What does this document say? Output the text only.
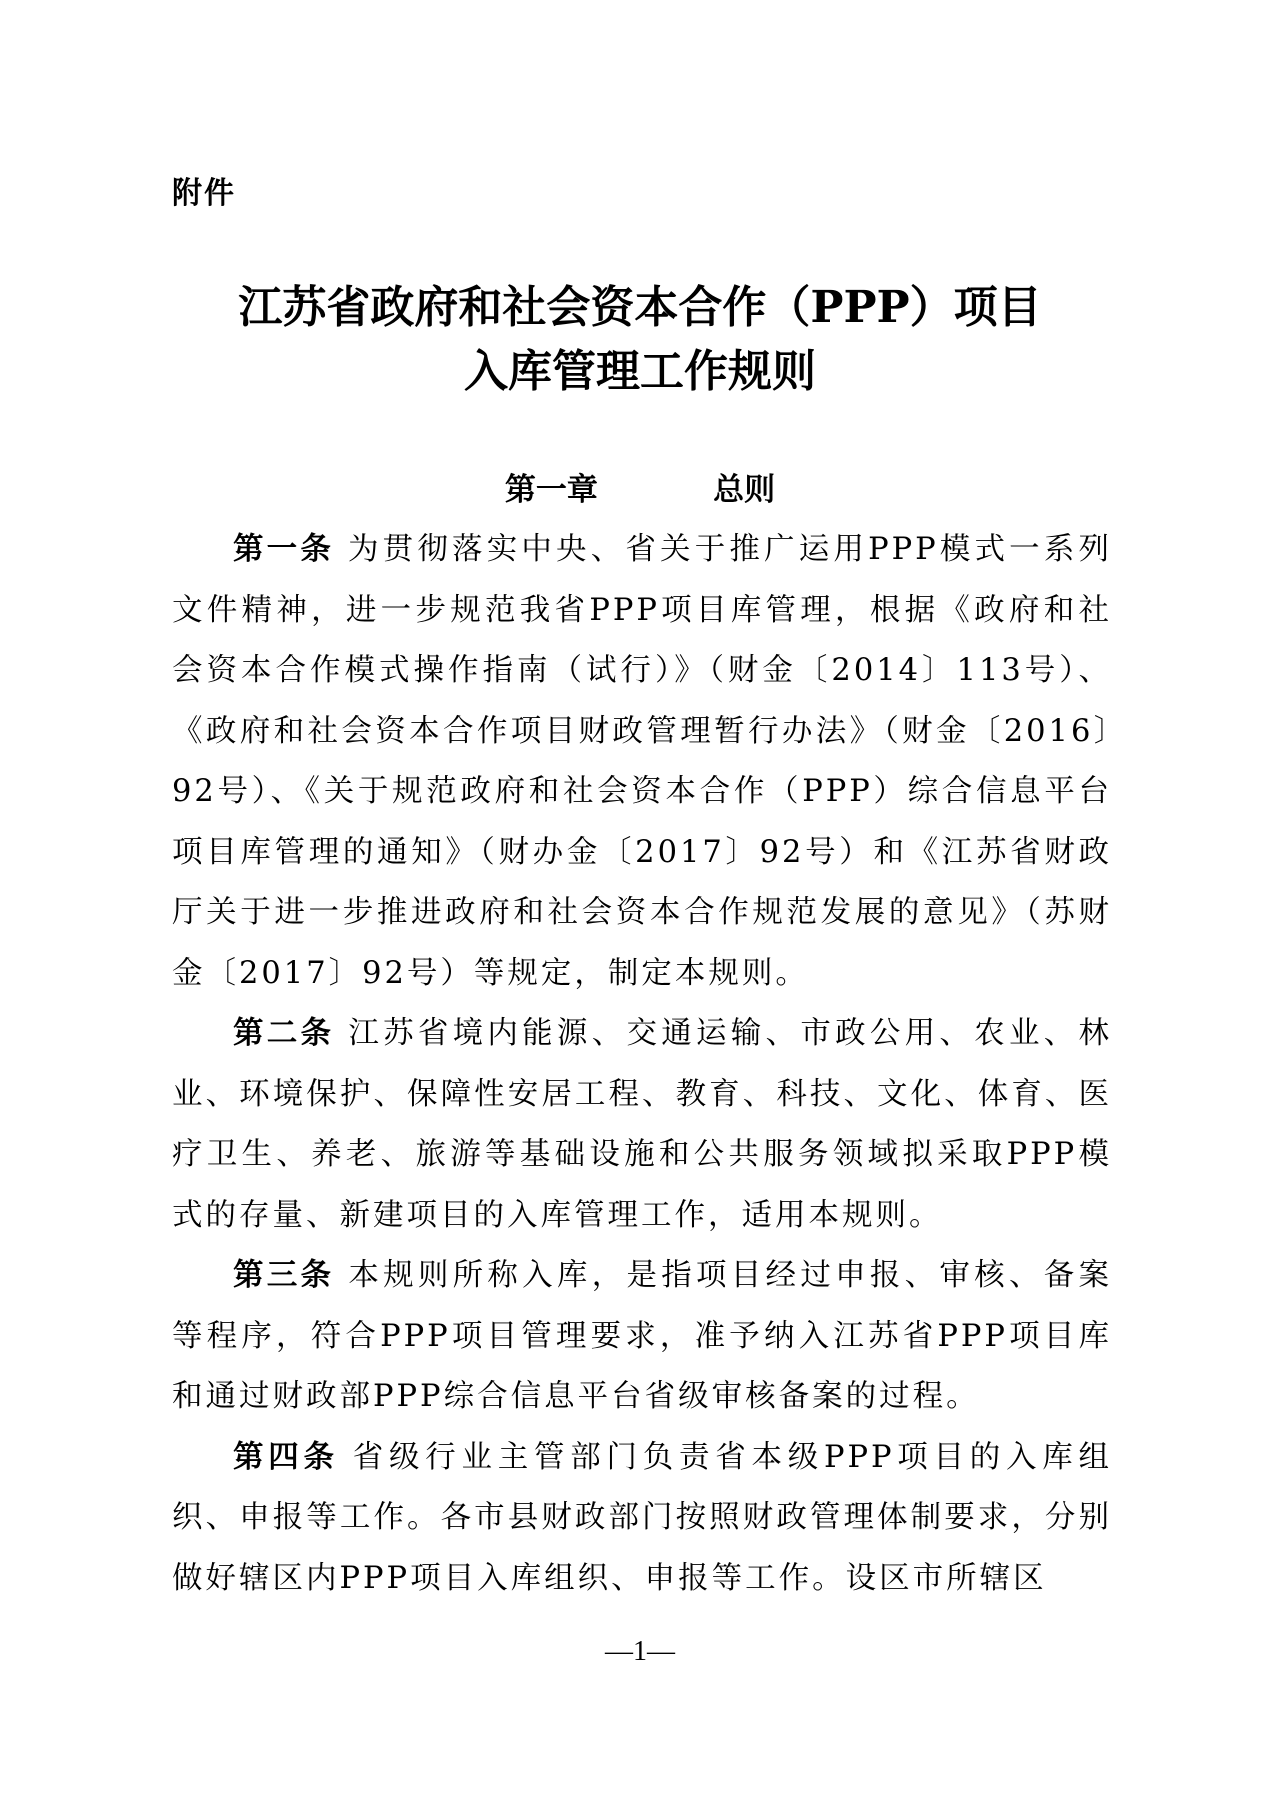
附件
江苏省政府和社会资本合作（PPP）项目
入库管理工作规则
第一章	总则

第一条 为贯彻落实中央、省关于推广运用PPP模式一系列文件精神，进一步规范我省PPP项目库管理，根据《政府和社会资本合作模式操作指南（试行）》（财金〔2014〕113号）、《政府和社会资本合作项目财政管理暂行办法》（财金〔2016〕92号）、《关于规范政府和社会资本合作（PPP）综合信息平台项目库管理的通知》（财办金〔2017〕92号）和《江苏省财政厅关于进一步推进政府和社会资本合作规范发展的意见》（苏财金〔2017〕92号）等规定，制定本规则。

第二条 江苏省境内能源、交通运输、市政公用、农业、林业、环境保护、保障性安居工程、教育、科技、文化、体育、医疗卫生、养老、旅游等基础设施和公共服务领域拟采取PPP模式的存量、新建项目的入库管理工作，适用本规则。

第三条 本规则所称入库，是指项目经过申报、审核、备案等程序，符合PPP项目管理要求，准予纳入江苏省PPP项目库和通过财政部PPP综合信息平台省级审核备案的过程。

第四条 省级行业主管部门负责省本级PPP项目的入库组织、申报等工作。各市县财政部门按照财政管理体制要求，分别做好辖区内PPP项目入库组织、申报等工作。设区市所辖区

—1—
